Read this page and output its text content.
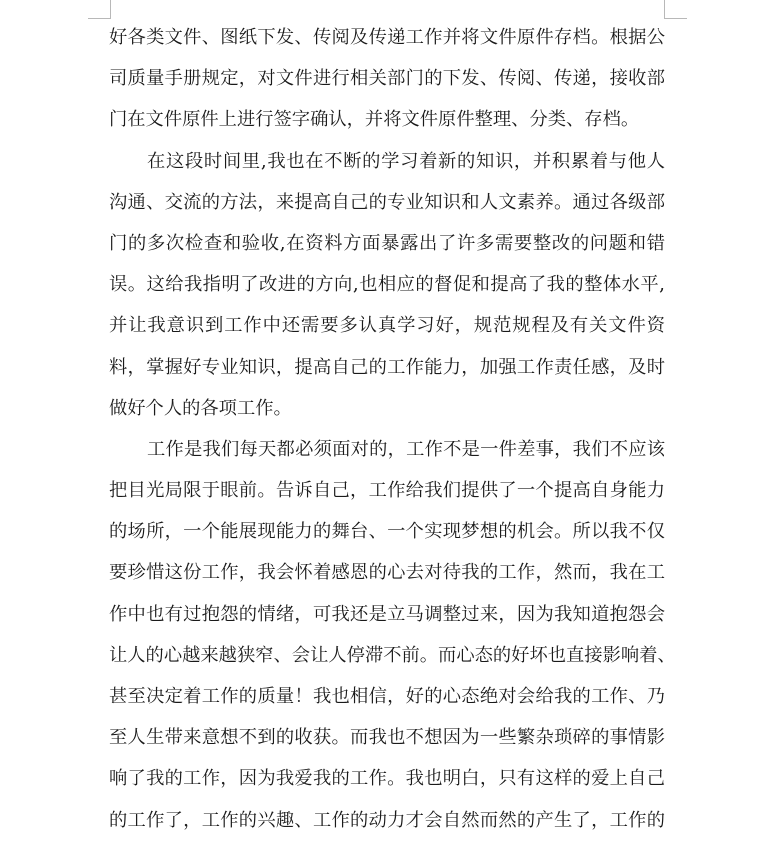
好各类文件、图纸下发、传阅及传递工作并将文件原件存档。根据公
司质量手册规定，对文件进行相关部门的下发、传阅、传递，接收部
门在文件原件上进行签字确认，并将文件原件整理、分类、存档。
在这段时间里,我也在不断的学习着新的知识，并积累着与他人
沟通、交流的方法，来提高自己的专业知识和人文素养。通过各级部
门的多次检查和验收,在资料方面暴露出了许多需要整改的问题和错
误。这给我指明了改进的方向,也相应的督促和提高了我的整体水平,
并让我意识到工作中还需要多认真学习好，规范规程及有关文件资
料，掌握好专业知识，提高自己的工作能力，加强工作责任感，及时
做好个人的各项工作。
工作是我们每天都必须面对的，工作不是一件差事，我们不应该
把目光局限于眼前。告诉自己，工作给我们提供了一个提高自身能力
的场所，一个能展现能力的舞台、一个实现梦想的机会。所以我不仅
要珍惜这份工作，我会怀着感恩的心去对待我的工作，然而，我在工
作中也有过抱怨的情绪，可我还是立马调整过来，因为我知道抱怨会
让人的心越来越狭窄、会让人停滞不前。而心态的好坏也直接影响着、
甚至决定着工作的质量！我也相信，好的心态绝对会给我的工作、乃
至人生带来意想不到的收获。而我也不想因为一些繁杂琐碎的事情影
响了我的工作，因为我爱我的工作。我也明白，只有这样的爱上自己
的工作了，工作的兴趣、工作的动力才会自然而然的产生了，工作的
